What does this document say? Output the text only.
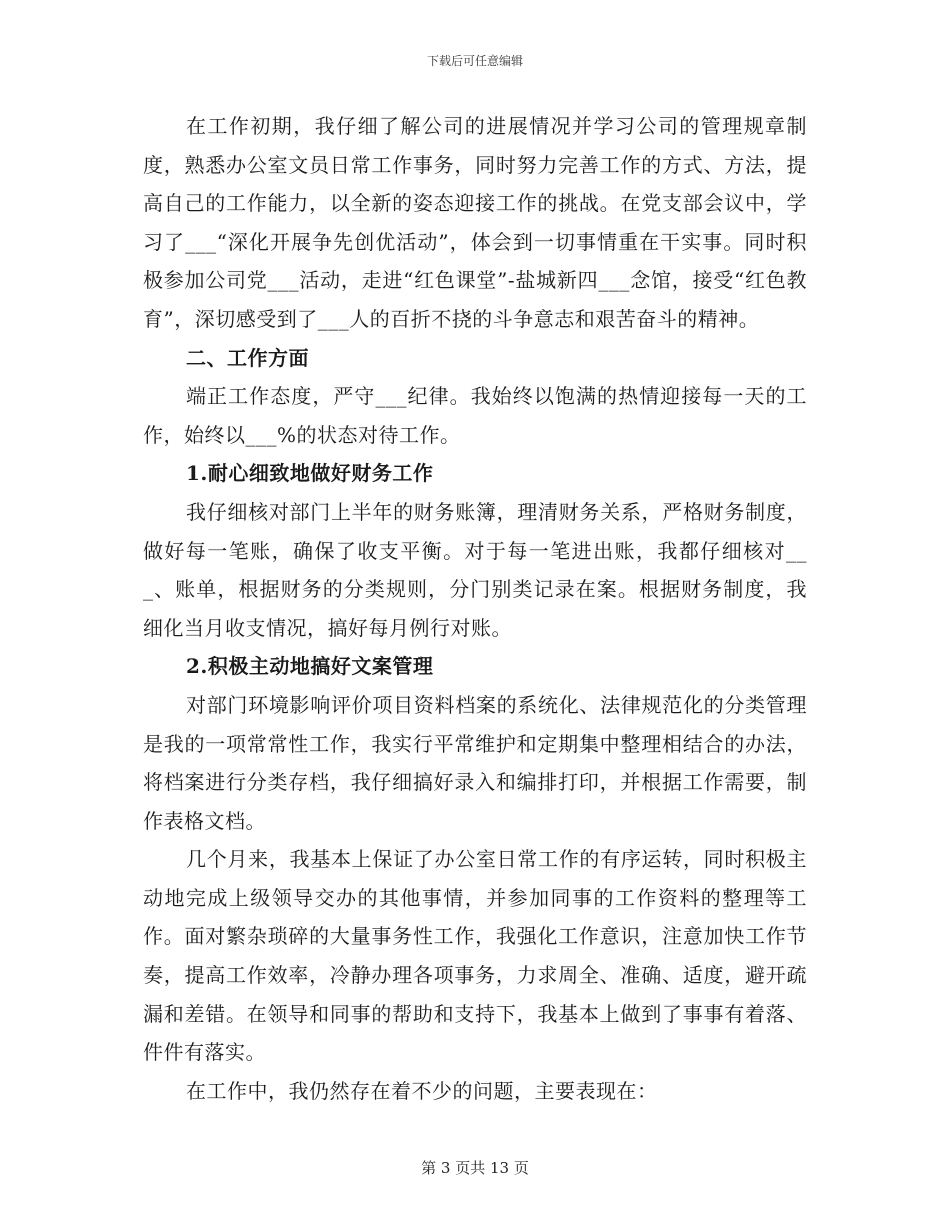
下载后可任意编辑

在工作初期，我仔细了解公司的进展情况并学习公司的管理规章制度，熟悉办公室文员日常工作事务，同时努力完善工作的方式、方法，提高自己的工作能力，以全新的姿态迎接工作的挑战。在党支部会议中，学习了___“深化开展争先创优活动”，体会到一切事情重在干实事。同时积极参加公司党___活动，走进“红色课堂”-盐城新四___念馆，接受“红色教育”，深切感受到了___人的百折不挠的斗争意志和艰苦奋斗的精神。

二、工作方面

端正工作态度，严守___纪律。我始终以饱满的热情迎接每一天的工作，始终以___%的状态对待工作。

1.耐心细致地做好财务工作

我仔细核对部门上半年的财务账簿，理清财务关系，严格财务制度，做好每一笔账，确保了收支平衡。对于每一笔进出账，我都仔细核对___、账单，根据财务的分类规则，分门别类记录在案。根据财务制度，我细化当月收支情况，搞好每月例行对账。

2.积极主动地搞好文案管理

对部门环境影响评价项目资料档案的系统化、法律规范化的分类管理是我的一项常常性工作，我实行平常维护和定期集中整理相结合的办法，将档案进行分类存档，我仔细搞好录入和编排打印，并根据工作需要，制作表格文档。

几个月来，我基本上保证了办公室日常工作的有序运转，同时积极主动地完成上级领导交办的其他事情，并参加同事的工作资料的整理等工作。面对繁杂琐碎的大量事务性工作，我强化工作意识，注意加快工作节奏，提高工作效率，冷静办理各项事务，力求周全、准确、适度，避开疏漏和差错。在领导和同事的帮助和支持下，我基本上做到了事事有着落、件件有落实。

在工作中，我仍然存在着不少的问题，主要表现在：

第 3 页共 13 页
